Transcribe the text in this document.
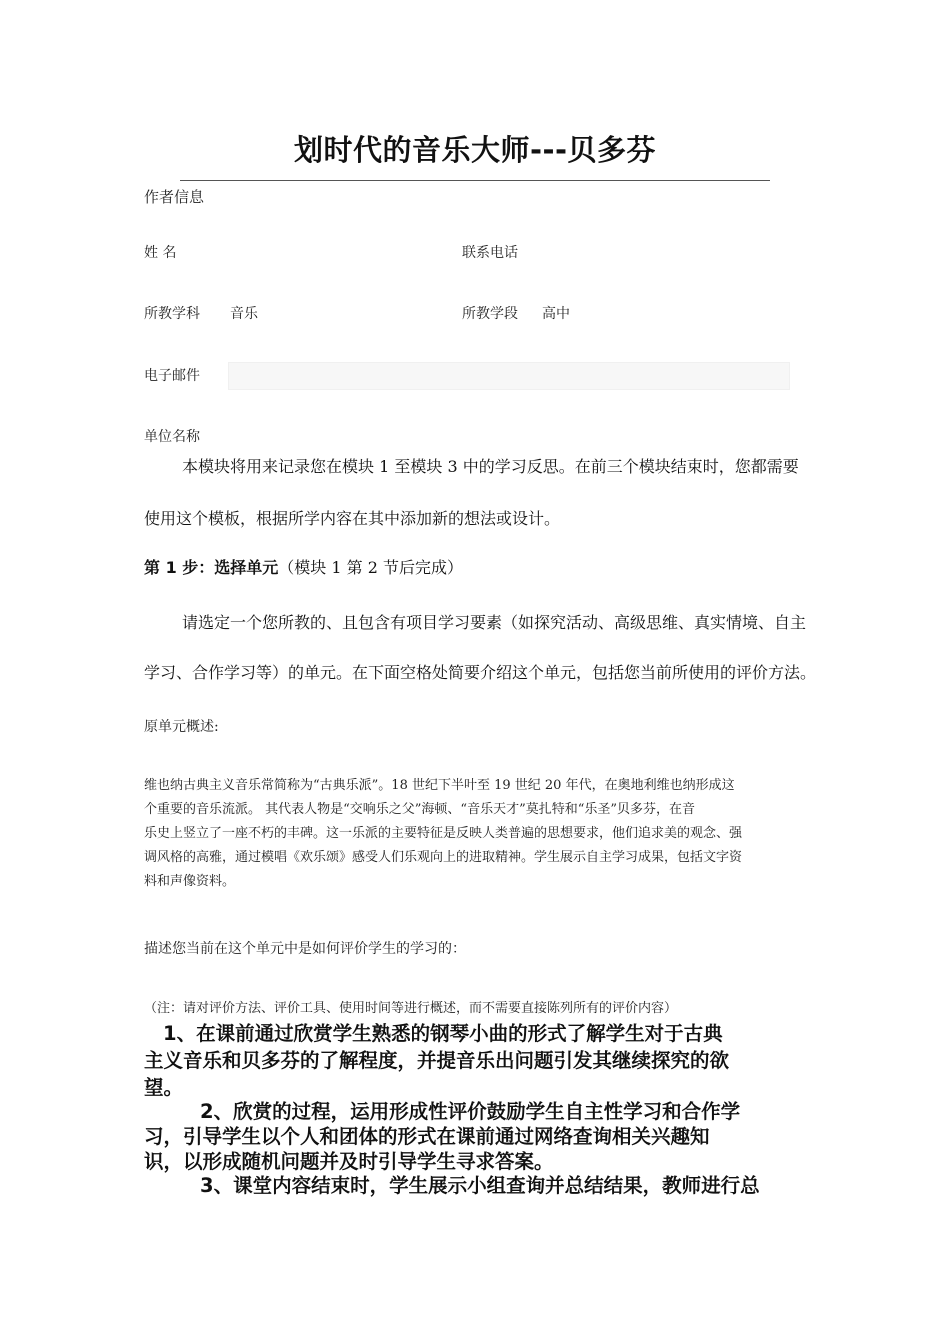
划时代的音乐大师---贝多芬
作者信息
姓 名	联系电话
所教学科 音乐	所教学段 高中
电子邮件
单位名称
本模块将用来记录您在模块 1 至模块 3 中的学习反思。在前三个模块结束时，您都需要
使用这个模板，根据所学内容在其中添加新的想法或设计。
第 1 步：选择单元（模块 1 第 2 节后完成）
请选定一个您所教的、且包含有项目学习要素（如探究活动、高级思维、真实情境、自主
学习、合作学习等）的单元。在下面空格处简要介绍这个单元，包括您当前所使用的评价方法。
原单元概述:
维也纳古典主义音乐常简称为“古典乐派”。18 世纪下半叶至 19 世纪 20 年代，在奥地利维也纳形成这
个重要的音乐流派。 其代表人物是“交响乐之父”海顿、“音乐天才”莫扎特和“乐圣”贝多芬，在音
乐史上竖立了一座不朽的丰碑。这一乐派的主要特征是反映人类普遍的思想要求，他们追求美的观念、强
调风格的高雅，通过模唱《欢乐颂》感受人们乐观向上的进取精神。学生展示自主学习成果，包括文字资
料和声像资料。
描述您当前在这个单元中是如何评价学生的学习的：
（注：请对评价方法、评价工具、使用时间等进行概述，而不需要直接陈列所有的评价内容）
1、在课前通过欣赏学生熟悉的钢琴小曲的形式了解学生对于古典
主义音乐和贝多芬的了解程度，并提音乐出问题引发其继续探究的欲
望。
2、欣赏的过程，运用形成性评价鼓励学生自主性学习和合作学
习，引导学生以个人和团体的形式在课前通过网络查询相关兴趣知
识，以形成随机问题并及时引导学生寻求答案。
3、课堂内容结束时，学生展示小组查询并总结结果，教师进行总
